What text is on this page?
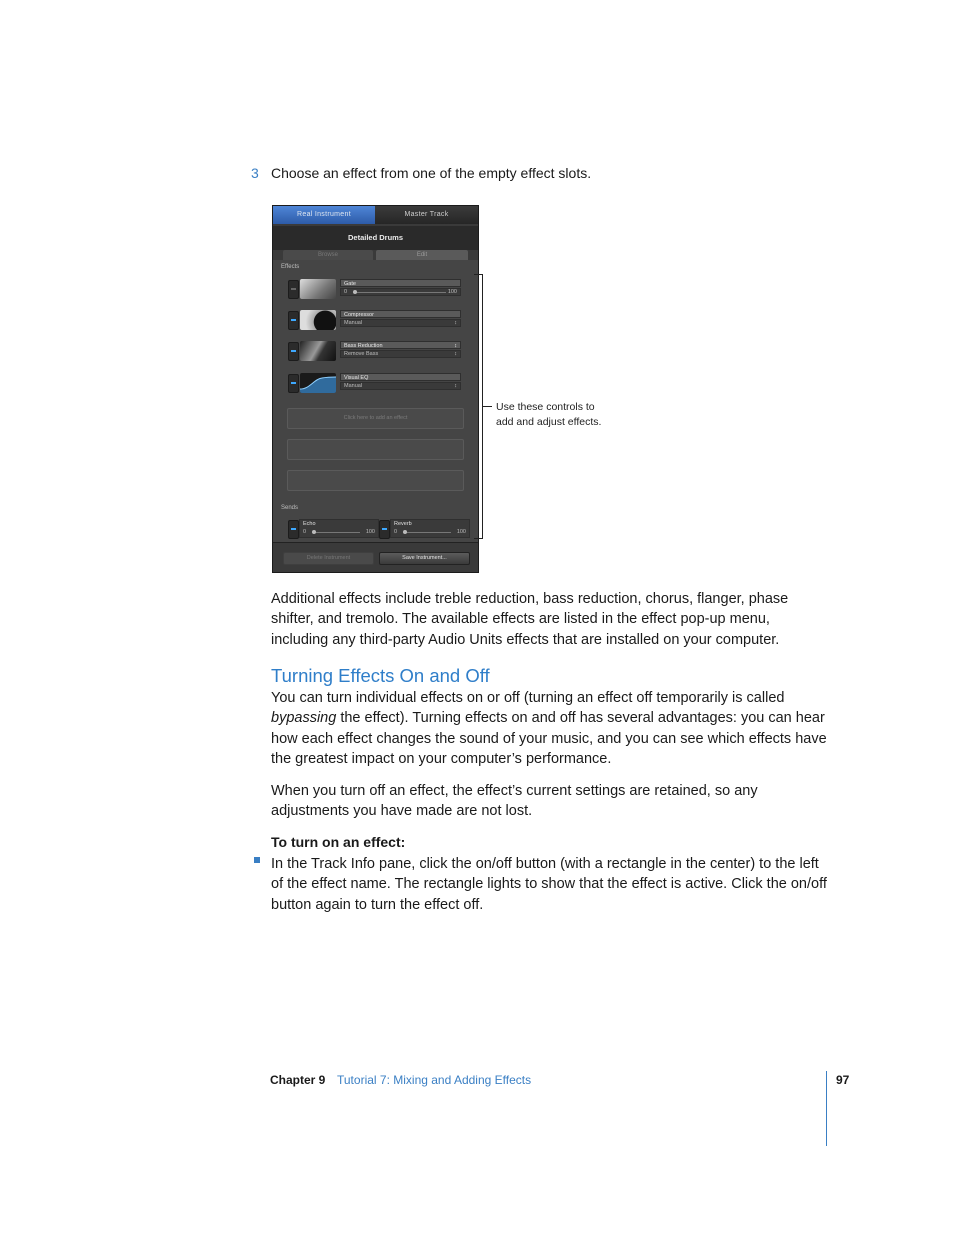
3 Choose an effect from one of the empty effect slots.
Real Instrument	Master Track
Detailed Drums
Browse	Edit
Effects
Gate
0	100
Compressor
Manual	↕
Bass Reduction	↕
Remove Bass	↕
Visual EQ
Manual	↕
Click here to add an effect
Sends
Echo
0	100
Reverb
0	100
Delete Instrument	Save Instrument...
Use these controls to
add and adjust effects.
Additional effects include treble reduction, bass reduction, chorus, flanger, phase shifter, and tremolo. The available effects are listed in the effect pop-up menu, including any third-party Audio Units effects that are installed on your computer.
Turning Effects On and Off
You can turn individual effects on or off (turning an effect off temporarily is called bypassing the effect). Turning effects on and off has several advantages: you can hear how each effect changes the sound of your music, and you can see which effects have the greatest impact on your computer’s performance.
When you turn off an effect, the effect’s current settings are retained, so any adjustments you have made are not lost.
To turn on an effect:
In the Track Info pane, click the on/off button (with a rectangle in the center) to the left of the effect name. The rectangle lights to show that the effect is active. Click the on/off button again to turn the effect off.
Chapter 9 Tutorial 7: Mixing and Adding Effects	97
